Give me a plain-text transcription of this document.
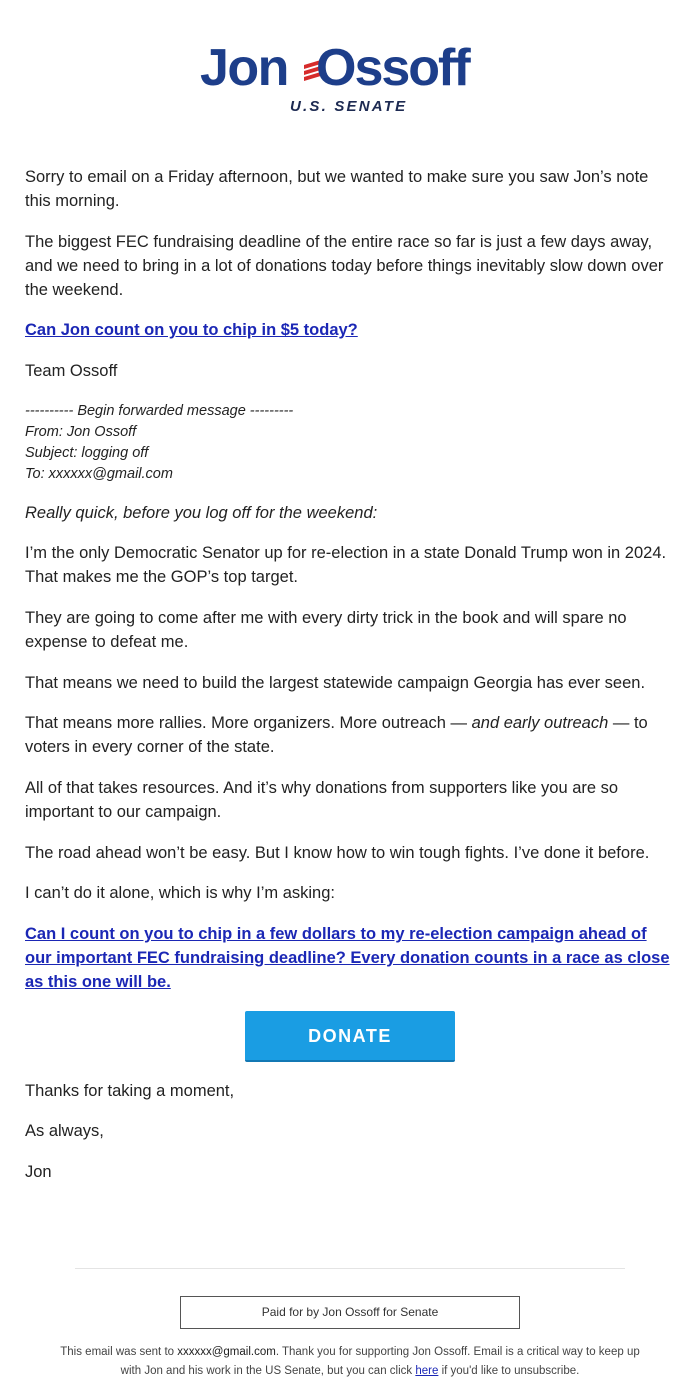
Jon Ossoff
U.S. SENATE

Sorry to email on a Friday afternoon, but we wanted to make sure you saw Jon’s note this morning.

The biggest FEC fundraising deadline of the entire race so far is just a few days away, and we need to bring in a lot of donations today before things inevitably slow down over the weekend.

Can Jon count on you to chip in $5 today?

Team Ossoff

---------- Begin forwarded message ---------
From: Jon Ossoff
Subject: logging off
To: xxxxxx@gmail.com

Really quick, before you log off for the weekend:

I’m the only Democratic Senator up for re-election in a state Donald Trump won in 2024. That makes me the GOP’s top target.

They are going to come after me with every dirty trick in the book and will spare no expense to defeat me.

That means we need to build the largest statewide campaign Georgia has ever seen.

That means more rallies. More organizers. More outreach — and early outreach — to voters in every corner of the state.

All of that takes resources. And it’s why donations from supporters like you are so important to our campaign.

The road ahead won’t be easy. But I know how to win tough fights. I’ve done it before.

I can’t do it alone, which is why I’m asking:

Can I count on you to chip in a few dollars to my re-election campaign ahead of our important FEC fundraising deadline? Every donation counts in a race as close as this one will be.

DONATE

Thanks for taking a moment,

As always,

Jon

Paid for by Jon Ossoff for Senate
This email was sent to xxxxxx@gmail.com. Thank you for supporting Jon Ossoff. Email is a critical way to keep up with Jon and his work in the US Senate, but you can click here if you'd like to unsubscribe.
